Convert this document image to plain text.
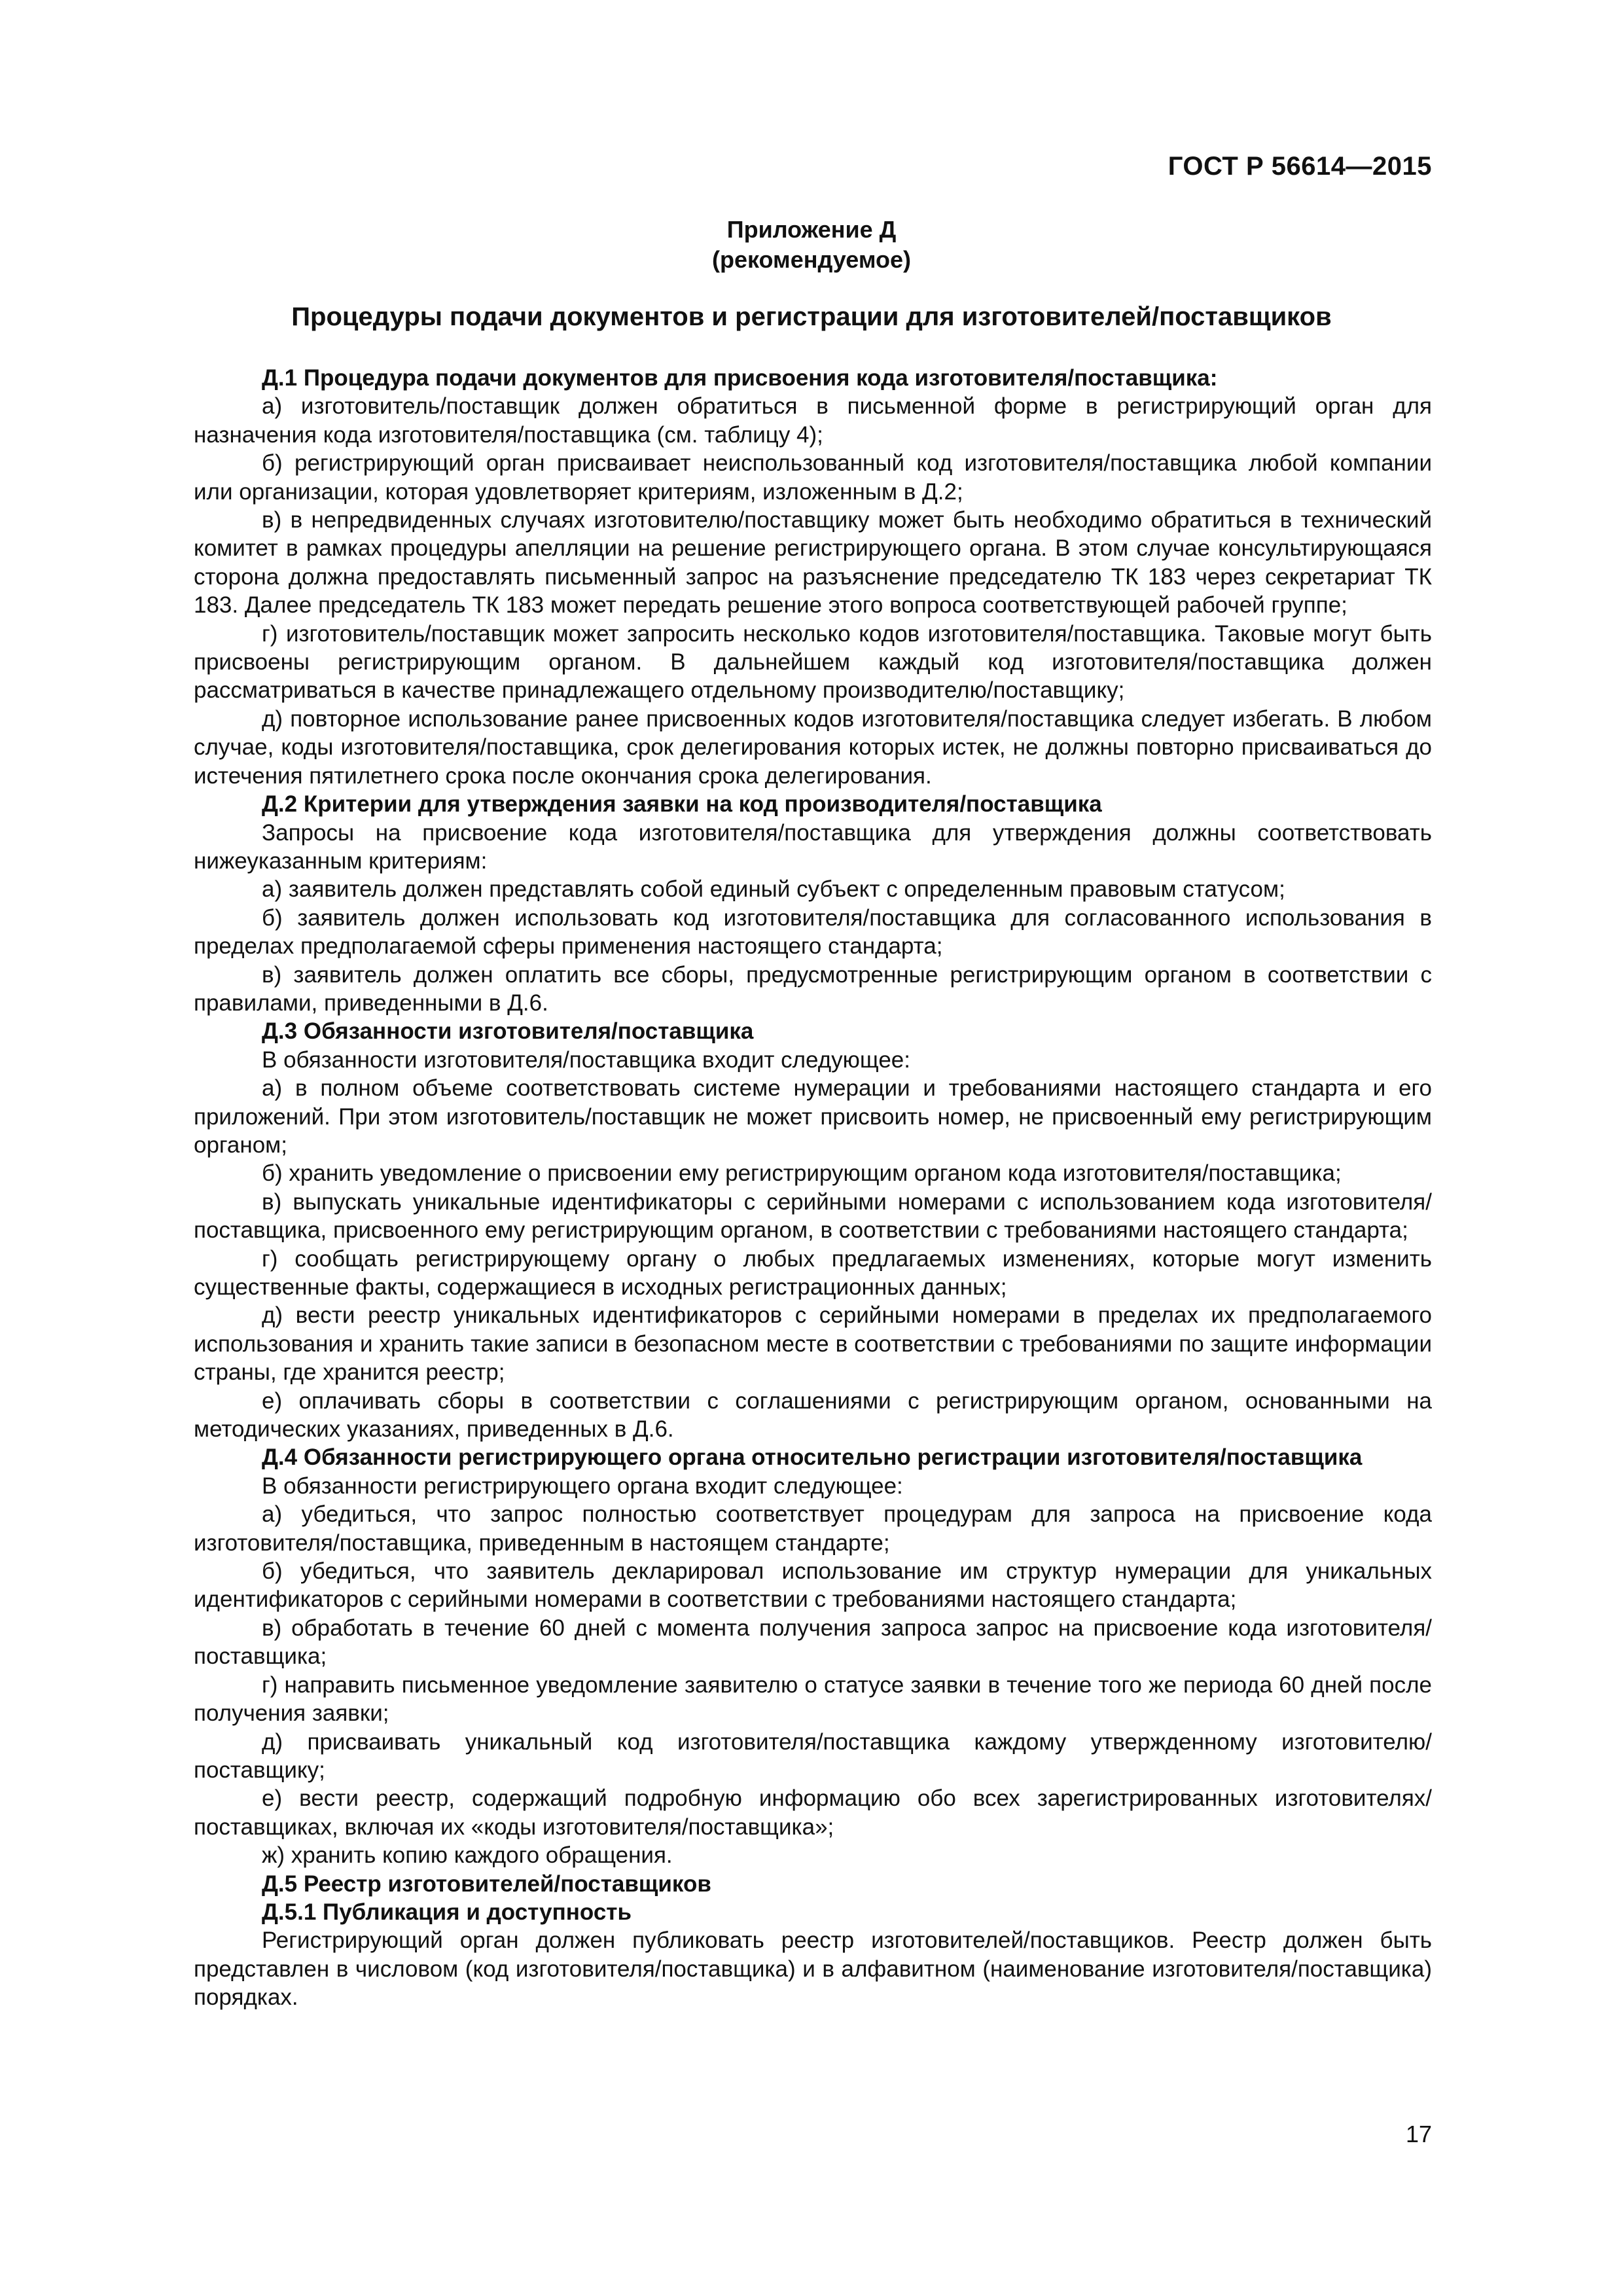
ГОСТ Р 56614—2015
Приложение Д
(рекомендуемое)
Процедуры подачи документов и регистрации для изготовителей/поставщиков

Д.1 Процедура подачи документов для присвоения кода изготовителя/поставщика:

а) изготовитель/поставщик должен обратиться в письменной форме в регистрирующий орган для назначения кода изготовителя/поставщика (см. таблицу 4);

б) регистрирующий орган присваивает неиспользованный код изготовителя/поставщика любой компании или организации, которая удовлетворяет критериям, изложенным в Д.2;

в) в непредвиденных случаях изготовителю/поставщику может быть необходимо обратиться в технический комитет в рамках процедуры апелляции на решение регистрирующего органа. В этом случае консультирующаяся сторона должна предоставлять письменный запрос на разъяснение председателю ТК 183 через секретариат ТК 183. Далее председатель ТК 183 может передать решение этого вопроса соответствующей рабочей группе;

г) изготовитель/поставщик может запросить несколько кодов изготовителя/поставщика. Таковые могут быть присвоены регистрирующим органом. В дальнейшем каждый код изготовителя/поставщика должен рассматриваться в качестве принадлежащего отдельному производителю/поставщику;

д) повторное использование ранее присвоенных кодов изготовителя/поставщика следует избегать. В любом случае, коды изготовителя/поставщика, срок делегирования которых истек, не должны повторно присваиваться до истечения пятилетнего срока после окончания срока делегирования.

Д.2 Критерии для утверждения заявки на код производителя/поставщика

Запросы на присвоение кода изготовителя/поставщика для утверждения должны соответствовать нижеуказанным критериям:

а) заявитель должен представлять собой единый субъект с определенным правовым статусом;

б) заявитель должен использовать код изготовителя/поставщика для согласованного использования в пределах предполагаемой сферы применения настоящего стандарта;

в) заявитель должен оплатить все сборы, предусмотренные регистрирующим органом в соответствии с правилами, приведенными в Д.6.

Д.3 Обязанности изготовителя/поставщика

В обязанности изготовителя/поставщика входит следующее:

а) в полном объеме соответствовать системе нумерации и требованиями настоящего стандарта и его приложений. При этом изготовитель/поставщик не может присвоить номер, не присвоенный ему регистрирующим органом;

б) хранить уведомление о присвоении ему регистрирующим органом кода изготовителя/поставщика;

в) выпускать уникальные идентификаторы с серийными номерами с использованием кода изготовителя/поставщика, присвоенного ему регистрирующим органом, в соответствии с требованиями настоящего стандарта;

г) сообщать регистрирующему органу о любых предлагаемых изменениях, которые могут изменить существенные факты, содержащиеся в исходных регистрационных данных;

д) вести реестр уникальных идентификаторов с серийными номерами в пределах их предполагаемого использования и хранить такие записи в безопасном месте в соответствии с требованиями по защите информации страны, где хранится реестр;

е) оплачивать сборы в соответствии с соглашениями с регистрирующим органом, основанными на методических указаниях, приведенных в Д.6.

Д.4 Обязанности регистрирующего органа относительно регистрации изготовителя/поставщика

В обязанности регистрирующего органа входит следующее:

а) убедиться, что запрос полностью соответствует процедурам для запроса на присвоение кода изготовителя/поставщика, приведенным в настоящем стандарте;

б) убедиться, что заявитель декларировал использование им структур нумерации для уникальных идентификаторов с серийными номерами в соответствии с требованиями настоящего стандарта;

в) обработать в течение 60 дней с момента получения запроса запрос на присвоение кода изготовителя/поставщика;

г) направить письменное уведомление заявителю о статусе заявки в течение того же периода 60 дней после получения заявки;

д) присваивать уникальный код изготовителя/поставщика каждому утвержденному изготовителю/поставщику;

е) вести реестр, содержащий подробную информацию обо всех зарегистрированных изготовителях/поставщиках, включая их «коды изготовителя/поставщика»;

ж) хранить копию каждого обращения.

Д.5 Реестр изготовителей/поставщиков

Д.5.1 Публикация и доступность

Регистрирующий орган должен публиковать реестр изготовителей/поставщиков. Реестр должен быть представлен в числовом (код изготовителя/поставщика) и в алфавитном (наименование изготовителя/поставщика) порядках.

17
